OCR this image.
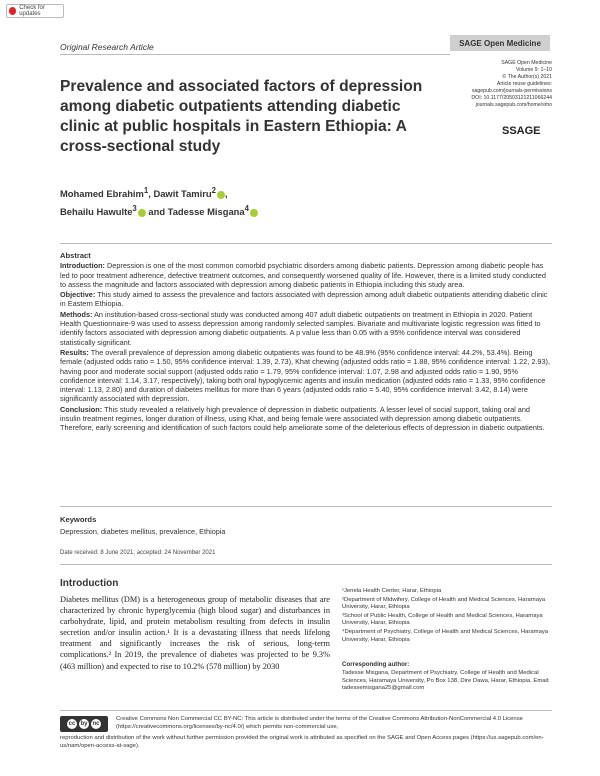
Check for updates
Original Research Article	SAGE Open Medicine
SAGE Open Medicine
Volume 9: 1–10
© The Author(s) 2021
Article reuse guidelines:
sagepub.com/journals-permissions
DOI: 10.1177/20503121211066244
journals.sagepub.com/home/smo
SSAGE
Prevalence and associated factors of depression among diabetic outpatients attending diabetic clinic at public hospitals in Eastern Ethiopia: A cross-sectional study
Mohamed Ebrahim$^1$, Dawit Tamiru$^2$ ,
Behailu Hawulte$^3$ and Tadesse Misgana$^4$
Abstract

Introduction: Depression is one of the most common comorbid psychiatric disorders among diabetic patients. Depression among diabetic people has led to poor treatment adherence, defective treatment outcomes, and consequently worsened quality of life. However, there is a limited study conducted to assess the magnitude and factors associated with depression among diabetic patients in Ethiopia including this study area.

Objective: This study aimed to assess the prevalence and factors associated with depression among adult diabetic outpatients attending diabetic clinic in Eastern Ethiopia.

Methods: An institution-based cross-sectional study was conducted among 407 adult diabetic outpatients on treatment in Ethiopia in 2020. Patient Health Questionnaire-9 was used to assess depression among randomly selected samples. Bivariate and multivariate logistic regression was fitted to identify factors associated with depression among diabetic outpatients. A p value less than 0.05 with a 95% confidence interval was considered statistically significant.

Results: The overall prevalence of depression among diabetic outpatients was found to be 48.9% (95% confidence interval: 44.2%, 53.4%). Being female (adjusted odds ratio = 1.50, 95% confidence interval: 1.39, 2.73), Khat chewing (adjusted odds ratio = 1.88, 95% confidence interval: 1.22, 2.93), having poor and moderate social support (adjusted odds ratio = 1.79, 95% confidence interval: 1.07, 2.98 and adjusted odds ratio = 1.90, 95% confidence interval: 1.14, 3.17, respectively), taking both oral hypoglycemic agents and insulin medication (adjusted odds ratio = 1.33, 95% confidence interval: 1.13, 2.80) and duration of diabetes mellitus for more than 6 years (adjusted odds ratio = 5.40, 95% confidence interval: 3.42, 8.14) were significantly associated with depression.

Conclusion: This study revealed a relatively high prevalence of depression in diabetic outpatients. A lesser level of social support, taking oral and insulin treatment regimes, longer duration of illness, using Khat, and being female were associated with depression among diabetic outpatients. Therefore, early screening and identification of such factors could help ameliorate some of the deleterious effects of depression in diabetic outpatients.

Keywords
Depression, diabetes mellitus, prevalence, Ethiopia
Date received: 8 June 2021; accepted: 24 November 2021
Introduction
Diabetes mellitus (DM) is a heterogeneous group of metabolic diseases that are characterized by chronic hyperglycemia (high blood sugar) and disturbances in carbohydrate, lipid, and protein metabolism resulting from defects in insulin secretion and/or insulin action.¹ It is a devastating illness that needs lifelong treatment and significantly increases the risk of serious, long-term complications.² In 2019, the prevalence of diabetes was projected to be 9.3% (463 million) and expected to rise to 10.2% (578 million) by 2030

¹Jenela Health Center, Harar, Ethiopia

²Department of Midwifery, College of Health and Medical Sciences, Haramaya University, Harar, Ethiopia

³School of Public Health, College of Health and Medical Sciences, Haramaya University, Harar, Ethiopia

⁴Department of Psychiatry, College of Health and Medical Sciences, Haramaya University, Harar, Ethiopia

Corresponding author:
Tadesse Misgana, Department of Psychiatry, College of Health and Medical Sciences, Haramaya University, Po Box 138, Dire Dawa, Harar, Ethiopia. Email: tadessemisgana25@gmail.com
cc by nc
Creative Commons Non Commercial CC BY-NC: This article is distributed under the terms of the Creative Commons Attribution-NonCommercial 4.0 License (https://creativecommons.org/licenses/by-nc/4.0/) which permits non-commercial use,
reproduction and distribution of the work without further permission provided the original work is attributed as specified on the SAGE and Open Access pages (https://us.sagepub.com/en-us/nam/open-access-at-sage).
